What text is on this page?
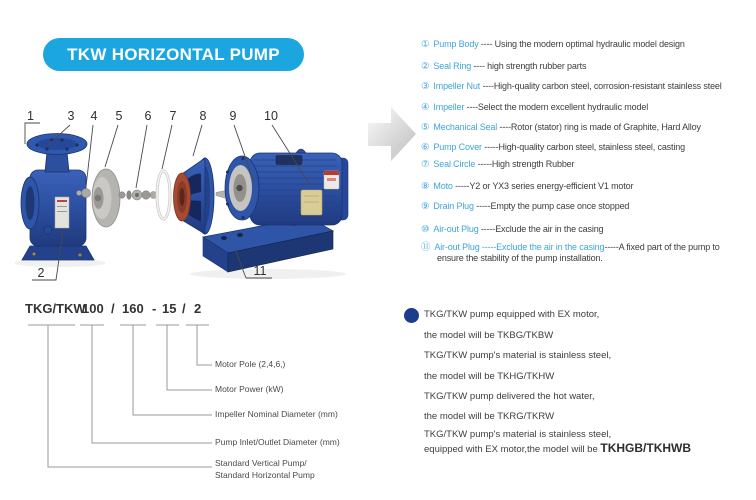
TKW HORIZONTAL PUMP
1	3 4 5 6 7 8 9 10
2	11
① Pump Body ---- Using the modern optimal hydraulic model design
② Seal Ring ---- high strength rubber parts
③ Impeller Nut ----High-quality carbon steel, corrosion-resistant stainless steel
④ Impeller ----Select the modern excellent hydraulic model
⑤ Mechanical Seal ----Rotor (stator) ring is made of Graphite, Hard Alloy
⑥ Pump Cover -----High-quality carbon steel, stainless steel, casting
⑦ Seal Circle -----High strength Rubber
⑧ Moto -----Y2 or YX3 series energy-efficient V1 motor
⑨ Drain Plug -----Empty the pump case once stopped
⑩ Air-out Plug -----Exclude the air in the casing
⑪ Air-out Plug -----Exclude the air in the casing-----A fixed part of the pump to
ensure the stability of the pump installation.
TKG/TKW
100 / 160 - 15 / 2
Motor Pole (2,4,6,)
Motor Power (kW)
Impeller Nominal Diameter (mm)
Pump Inlet/Outlet Diameter (mm)
Standard Vertical Pump/
Standard Horizontal Pump
TKG/TKW pump equipped with EX motor,
the model will be TKBG/TKBW
TKG/TKW pump's material is stainless steel,
the model will be TKHG/TKHW
TKG/TKW pump delivered the hot water,
the model will be TKRG/TKRW
TKG/TKW pump's material is stainless steel,
equipped with EX motor,the model will be TKHGB/TKHWB
